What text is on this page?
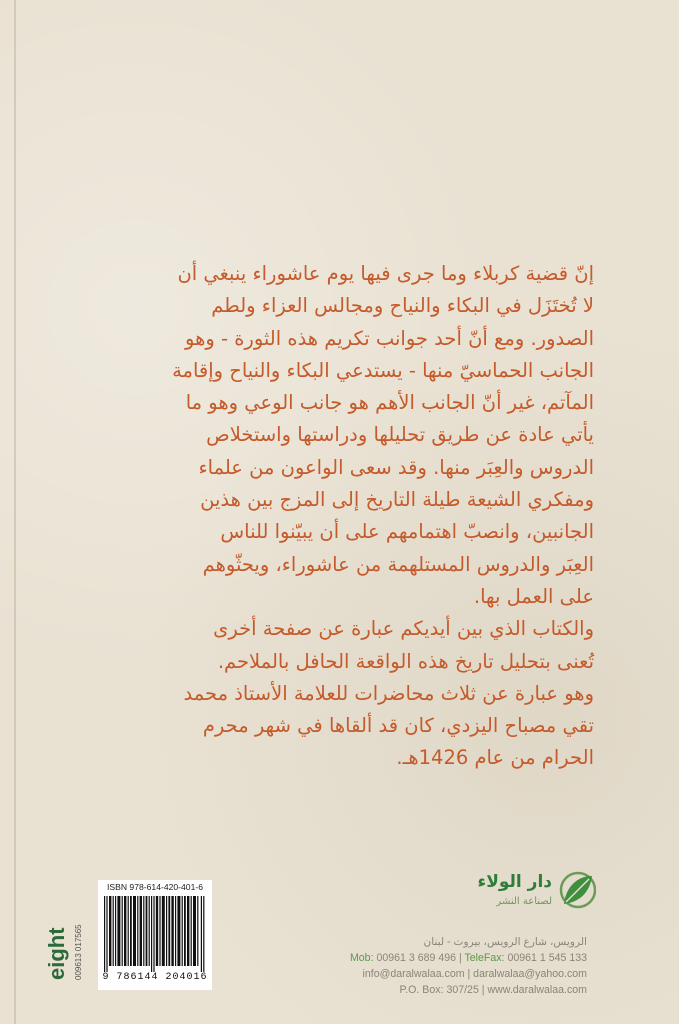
إنّ قضية كربلاء وما جرى فيها يوم عاشوراء ينبغي أن
لا تُختَزَل في البكاء والنياح ومجالس العزاء ولطم
الصدور. ومع أنّ أحد جوانب تكريم هذه الثورة - وهو
الجانب الحماسيّ منها - يستدعي البكاء والنياح وإقامة
المآتم، غير أنّ الجانب الأهم هو جانب الوعي وهو ما
يأتي عادة عن طريق تحليلها ودراستها واستخلاص
الدروس والعِبَر منها. وقد سعى الواعون من علماء
ومفكري الشيعة طيلة التاريخ إلى المزج بين هذين
الجانبين، وانصبّ اهتمامهم على أن يبيّنوا للناس
العِبَر والدروس المستلهمة من عاشوراء، ويحثّوهم
على العمل بها.
والكتاب الذي بين أيديكم عبارة عن صفحة أخرى
تُعنى بتحليل تاريخ هذه الواقعة الحافل بالملاحم.
وهو عبارة عن ثلاث محاضرات للعلامة الأستاذ محمد
تقي مصباح اليزدي، كان قد ألقاها في شهر محرم
الحرام من عام 1426هـ.
دار الولاء
لصناعة النشر
الرويس، شارع الرويس، بيروت - لبنان
Mob: 00961 3 689 496 | TeleFax: 00961 1 545 133
info@daralwalaa.com | daralwalaa@yahoo.com
P.O. Box: 307/25 | www.daralwalaa.com
ISBN 978-614-420-401-6
9 786144 204016
eight 009613 017565
